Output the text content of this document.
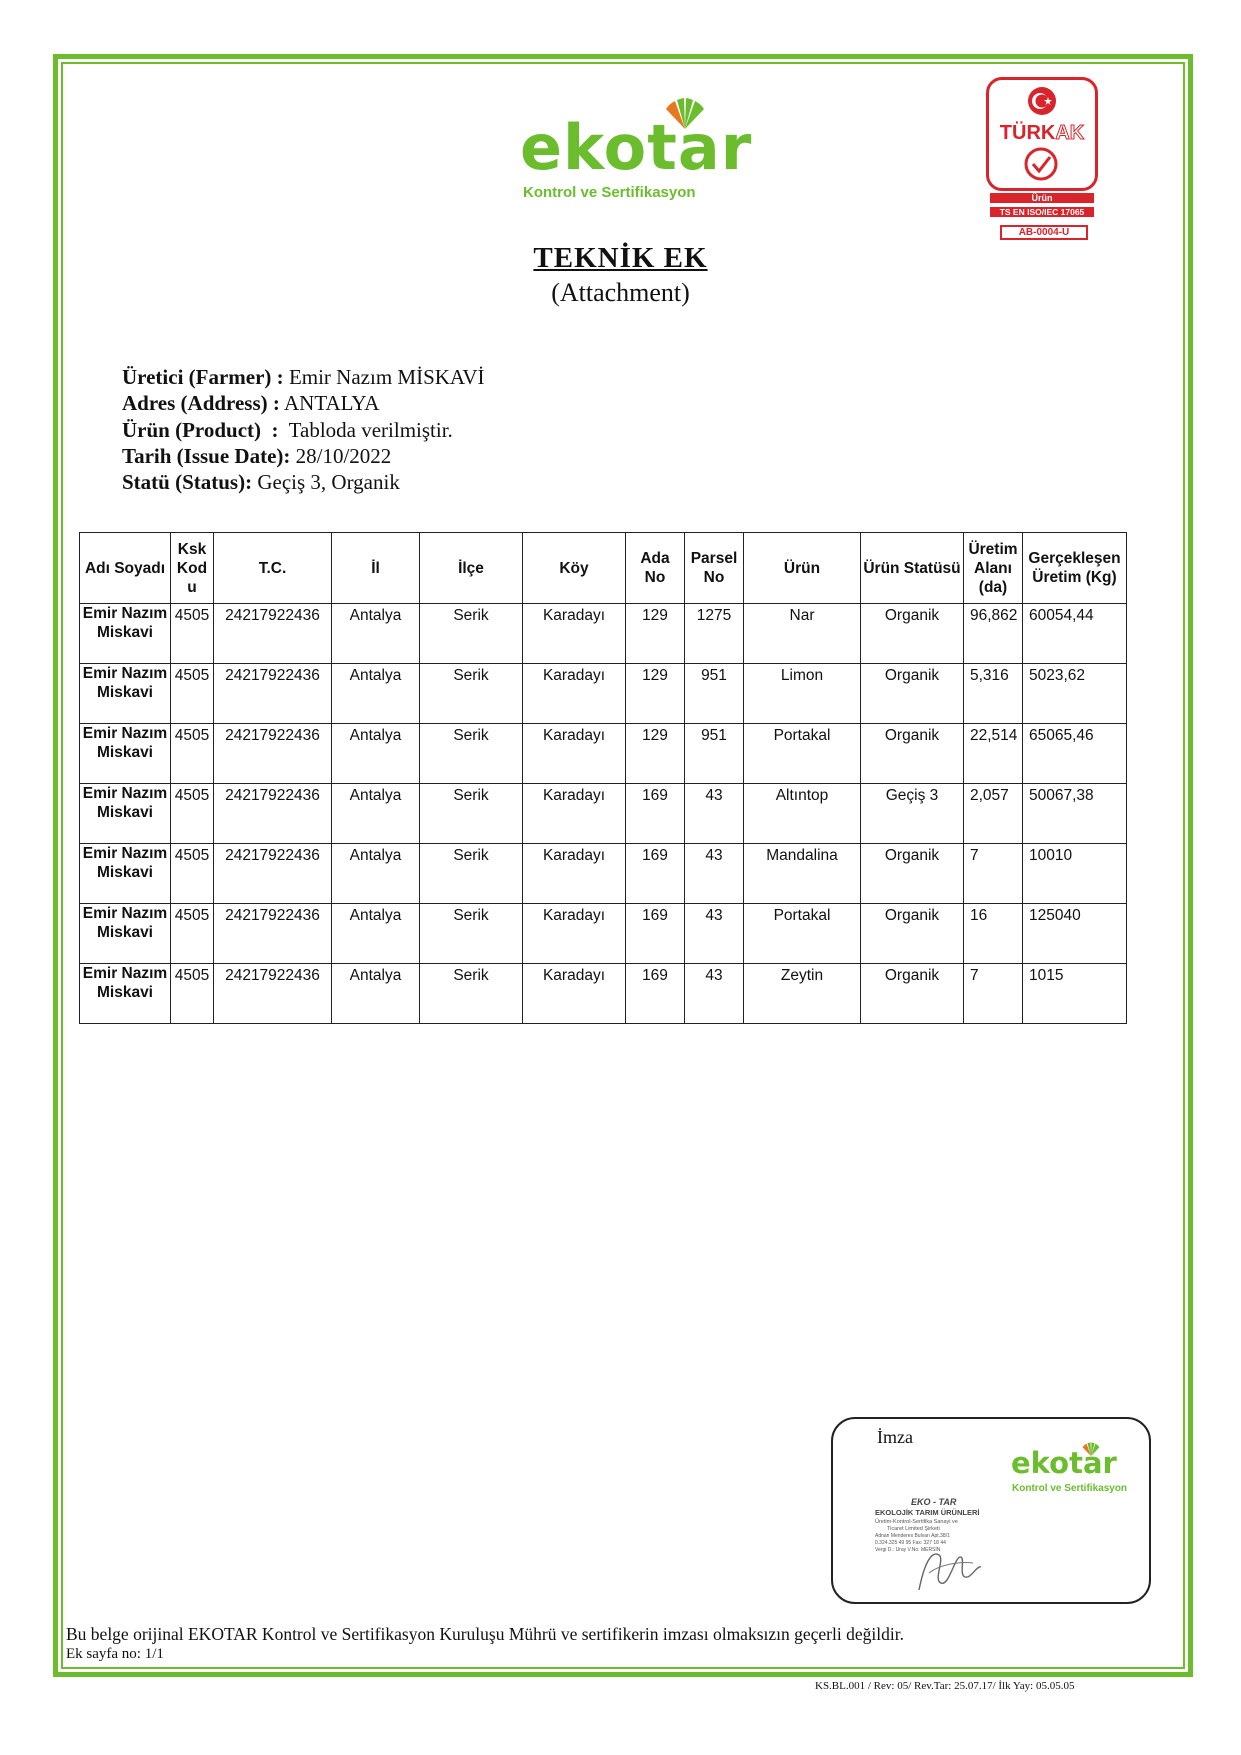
ekotar
Kontrol ve Sertifikasyon
TÜRKAK
Ürün
TS EN ISO/IEC 17065
AB-0004-U
TEKNİK EK
(Attachment)
Üretici (Farmer) : Emir Nazım MİSKAVİ
Adres (Address) : ANTALYA
Ürün (Product)  :  Tabloda verilmiştir.
Tarih (Issue Date): 28/10/2022
Statü (Status): Geçiş 3, Organik
Adı Soyadı	Ksk Kodu	T.C.	İl	İlçe	Köy	Ada No	Parsel No	Ürün	Ürün Statüsü	Üretim Alanı (da)	Gerçekleşen Üretim (Kg)
Emir Nazım Miskavi	4505	24217922436	Antalya	Serik	Karadayı	129	1275	Nar	Organik	96,862	60054,44
Emir Nazım Miskavi	4505	24217922436	Antalya	Serik	Karadayı	129	951	Limon	Organik	5,316	5023,62
Emir Nazım Miskavi	4505	24217922436	Antalya	Serik	Karadayı	129	951	Portakal	Organik	22,514	65065,46
Emir Nazım Miskavi	4505	24217922436	Antalya	Serik	Karadayı	169	43	Altıntop	Geçiş 3	2,057	50067,38
Emir Nazım Miskavi	4505	24217922436	Antalya	Serik	Karadayı	169	43	Mandalina	Organik	7	10010
Emir Nazım Miskavi	4505	24217922436	Antalya	Serik	Karadayı	169	43	Portakal	Organik	16	125040
Emir Nazım Miskavi	4505	24217922436	Antalya	Serik	Karadayı	169	43	Zeytin	Organik	7	1015
İmza
ekotar
Kontrol ve Sertifikasyon
EKO - TAR
EKOLOJİK TARIM ÜRÜNLERİ
Üretim-Kontrol-Sertifika Sanayi ve
Ticaret Limited Şirketi
Adnan Menderes Bulvarı Apt.38/1
0.324.325 49 95 Fax: 327 18 44
Vergi D.: Uray V.No: MERSİN
Bu belge orijinal EKOTAR Kontrol ve Sertifikasyon Kuruluşu Mührü ve sertifikerin imzası olmaksızın geçerli değildir.
Ek sayfa no: 1/1
KS.BL.001 / Rev: 05/ Rev.Tar: 25.07.17/ İlk Yay: 05.05.05
